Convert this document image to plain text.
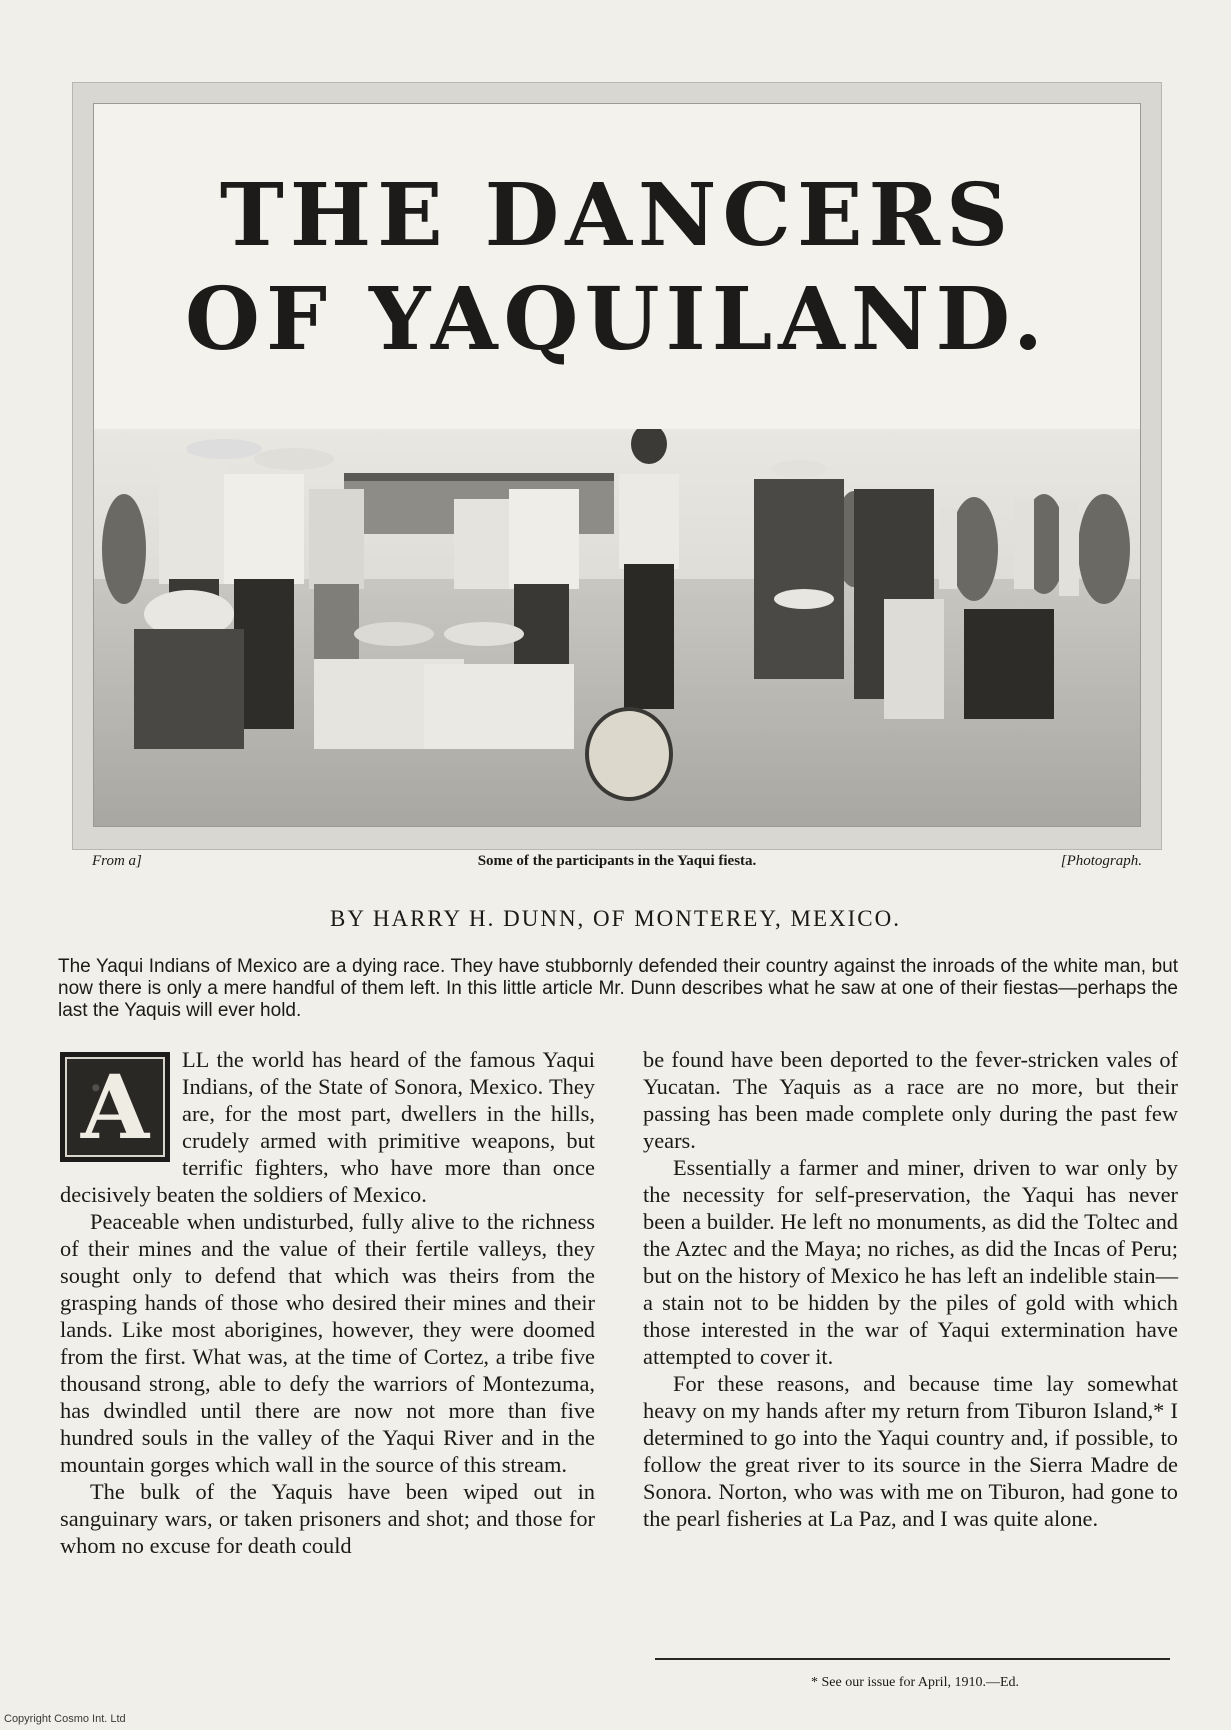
THE DANCERS
OF YAQUILAND.
From a]	Some of the participants in the Yaqui fiesta.	[Photograph.
BY HARRY H. DUNN, OF MONTEREY, MEXICO.
The Yaqui Indians of Mexico are a dying race. They have stubbornly defended their country against the inroads of the white man, but now there is only a mere handful of them left. In this little article Mr. Dunn describes what he saw at one of their fiestas—perhaps the last the Yaquis will ever hold.
A	LL the world has heard of the famous Yaqui Indians, of the State of Sonora, Mexico. They are, for the most part, dwellers in the hills, crudely armed with primitive weapons, but terrific fighters, who have more than once decisively beaten the soldiers of Mexico.

Peaceable when undisturbed, fully alive to the richness of their mines and the value of their fertile valleys, they sought only to defend that which was theirs from the grasping hands of those who desired their mines and their lands. Like most aborigines, however, they were doomed from the first. What was, at the time of Cortez, a tribe five thousand strong, able to defy the warriors of Montezuma, has dwindled until there are now not more than five hundred souls in the valley of the Yaqui River and in the mountain gorges which wall in the source of this stream.

The bulk of the Yaquis have been wiped out in sanguinary wars, or taken prisoners and shot; and those for whom no excuse for death could

be found have been deported to the fever-stricken vales of Yucatan. The Yaquis as a race are no more, but their passing has been made complete only during the past few years.

Essentially a farmer and miner, driven to war only by the necessity for self-preservation, the Yaqui has never been a builder. He left no monuments, as did the Toltec and the Aztec and the Maya; no riches, as did the Incas of Peru; but on the history of Mexico he has left an indelible stain—a stain not to be hidden by the piles of gold with which those interested in the war of Yaqui extermination have attempted to cover it.

For these reasons, and because time lay somewhat heavy on my hands after my return from Tiburon Island,* I determined to go into the Yaqui country and, if possible, to follow the great river to its source in the Sierra Madre de Sonora. Norton, who was with me on Tiburon, had gone to the pearl fisheries at La Paz, and I was quite alone.

* See our issue for April, 1910.—Ed.
Copyright Cosmo Int. Ltd
